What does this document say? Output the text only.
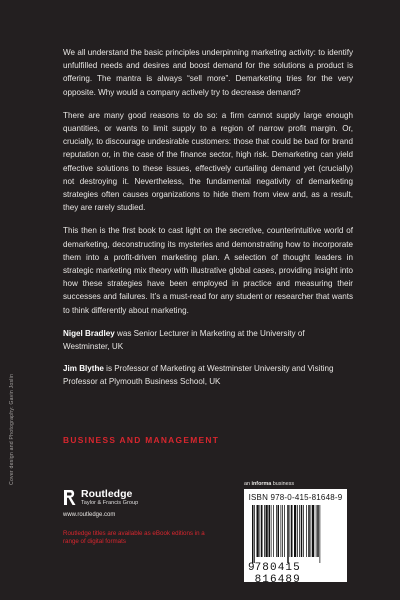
We all understand the basic principles underpinning marketing activity: to identify unfulfilled needs and desires and boost demand for the solutions a product is offering. The mantra is always “sell more”. Demarketing tries for the very opposite. Why would a company actively try to decrease demand?

There are many good reasons to do so: a firm cannot supply large enough quantities, or wants to limit supply to a region of narrow profit margin. Or, crucially, to discourage undesirable customers: those that could be bad for brand reputation or, in the case of the finance sector, high risk. Demarketing can yield effective solutions to these issues, effectively curtailing demand yet (crucially) not destroying it. Nevertheless, the fundamental negativity of demarketing strategies often causes organizations to hide them from view and, as a result, they are rarely studied.

This then is the first book to cast light on the secretive, counterintuitive world of demarketing, deconstructing its mysteries and demonstrating how to incorporate them into a profit-driven marketing plan. A selection of thought leaders in strategic marketing mix theory with illustrative global cases, providing insight into how these strategies have been employed in practice and measuring their successes and failures. It’s a must-read for any student or researcher that wants to think differently about marketing.

Nigel Bradley was Senior Lecturer in Marketing at the University of Westminster, UK

Jim Blythe is Professor of Marketing at Westminster University and Visiting Professor at Plymouth Business School, UK

Cover design and Photography: Gavin Joslin	BUSINESS AND MANAGEMENT
Routledge
Taylor & Francis Group
www.routledge.com
Routledge titles are available as eBook editions in a range of digital formats
an informa business
ISBN 978-0-415-81648-9
9 780415 816489
